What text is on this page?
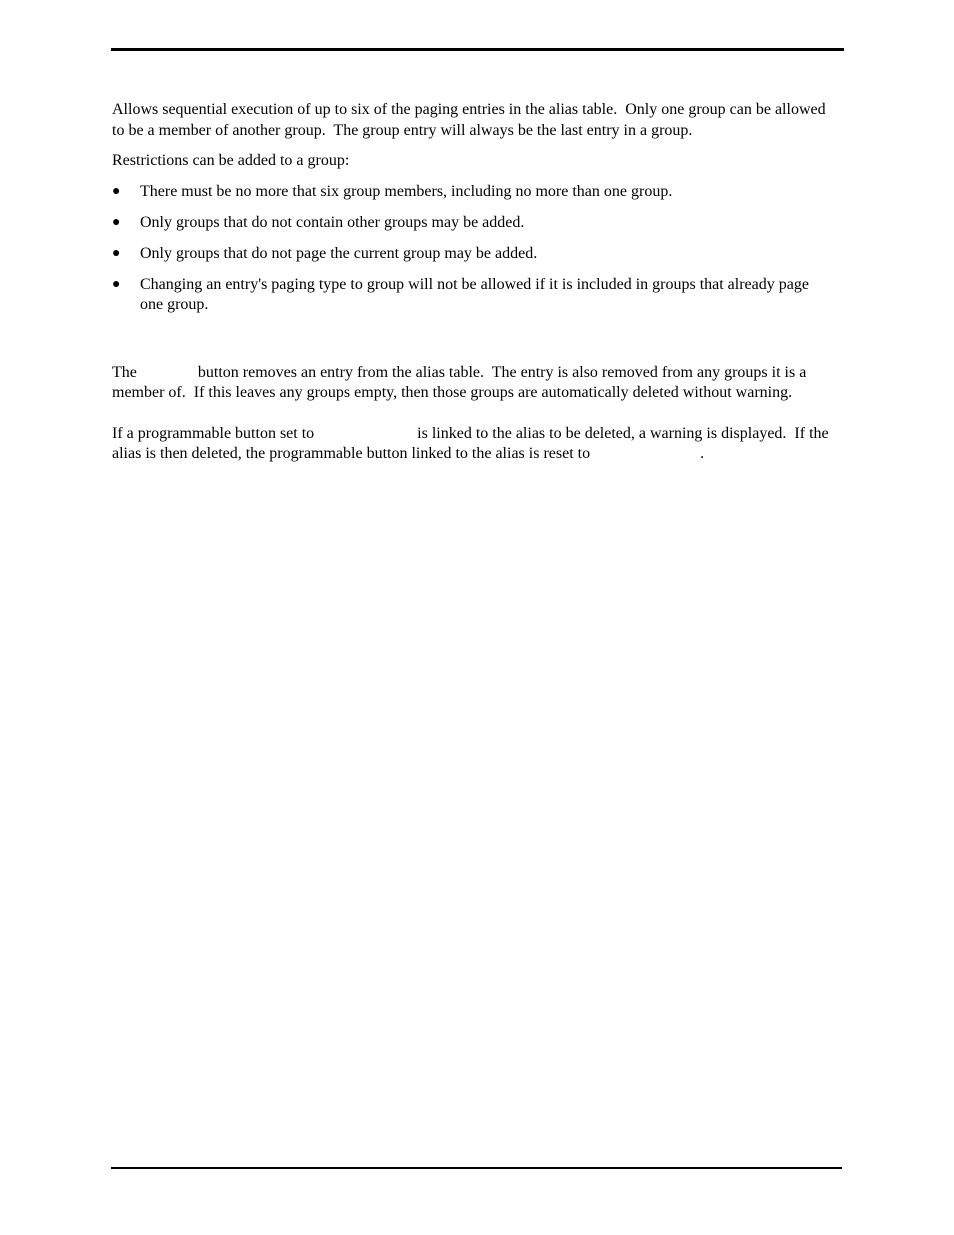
Allows sequential execution of up to six of the paging entries in the alias table.  Only one group can be allowed to be a member of another group.  The group entry will always be the last entry in a group.

Restrictions can be added to a group:

● There must be no more that six group members, including no more than one group.
● Only groups that do not contain other groups may be added.
● Only groups that do not page the current group may be added.
● Changing an entry's paging type to group will not be allowed if it is included in groups that already page one group.

The	button removes an entry from the alias table.  The entry is also removed from any groups it is a member of.  If this leaves any groups empty, then those groups are automatically deleted without warning.

If a programmable button set to	is linked to the alias to be deleted, a warning is displayed.  If the alias is then deleted, the programmable button linked to the alias is reset to	.
